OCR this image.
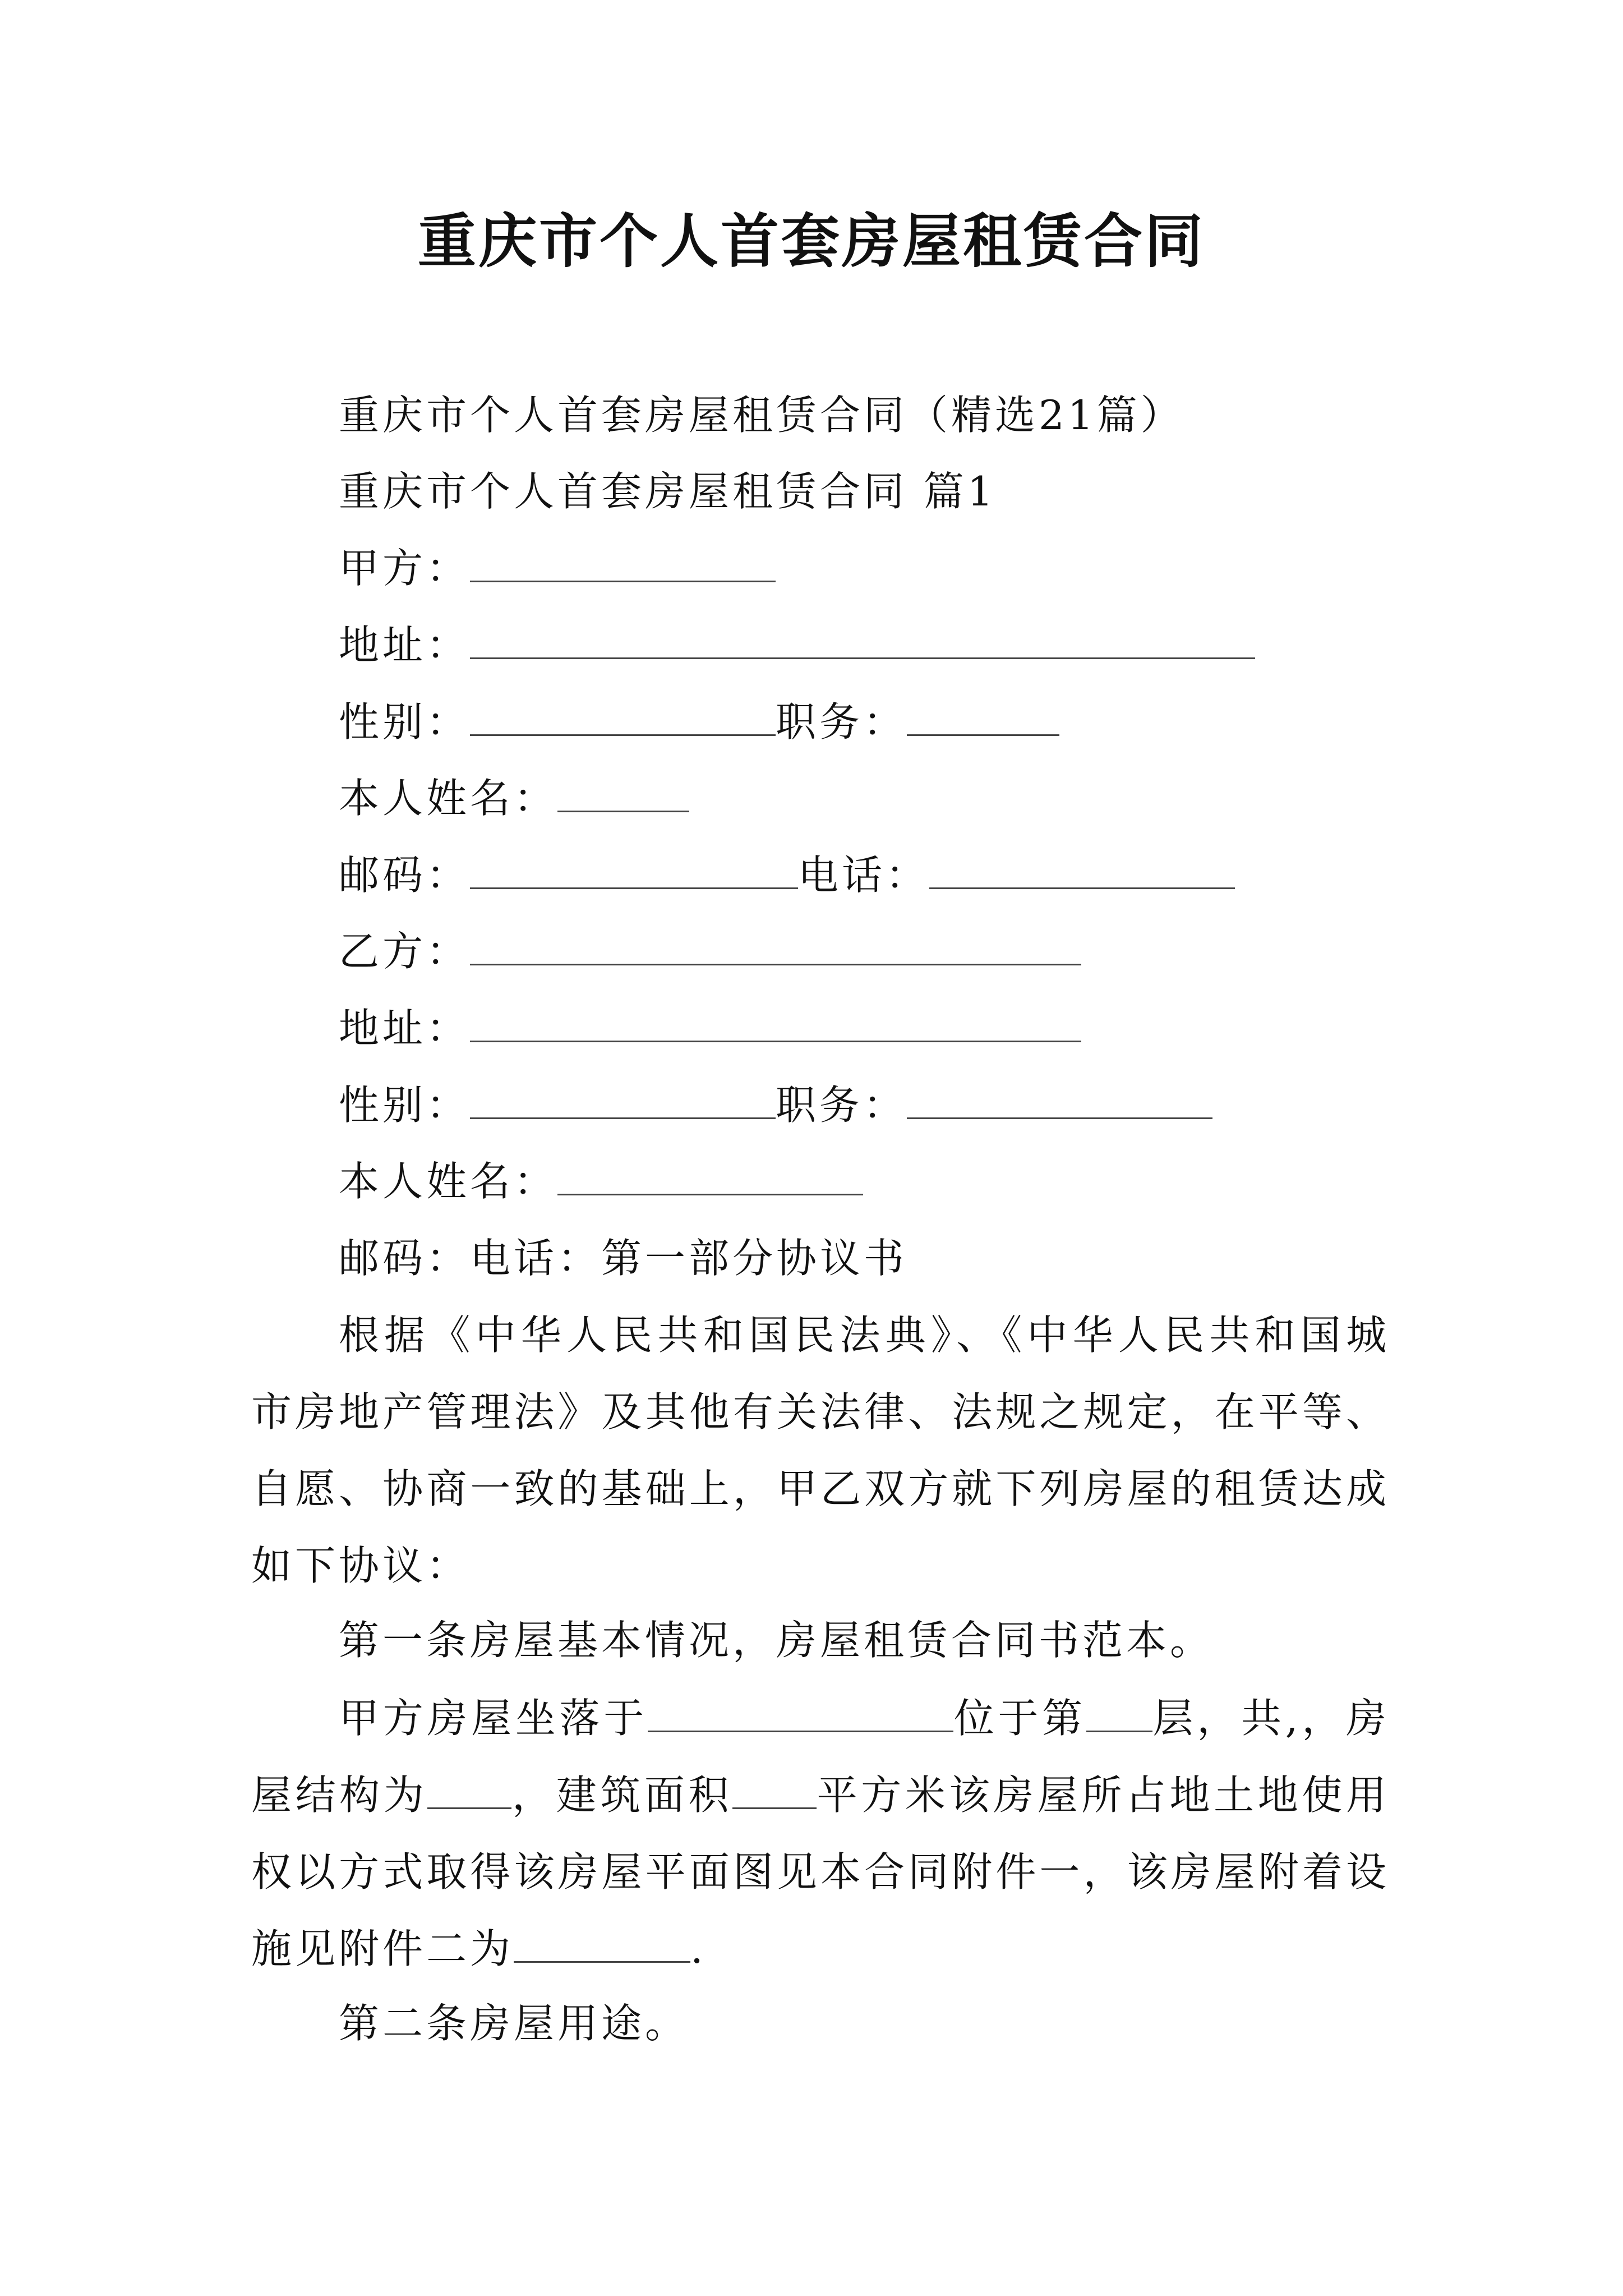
重庆市个人首套房屋租赁合同
重庆市个人首套房屋租赁合同（精选21篇）
重庆市个人首套房屋租赁合同 篇1
甲方：
地址：
性别：	职务：
本人姓名：
邮码：	电话：
乙方：
地址：
性别：	职务：
本人姓名：
邮码：电话：第一部分协议书

根据《中华人民共和国民法典》、《中华人民共和国城市房地产管理法》及其他有关法律、法规之规定，在平等、自愿、协商一致的基础上，甲乙双方就下列房屋的租赁达成如下协议：

第一条房屋基本情况，房屋租赁合同书范本。

甲方房屋坐落于	位于第 层，共,，房屋结构为 ，建筑面积 平方米该房屋所占地土地使用权以方式取得该房屋平面图见本合同附件一，该房屋附着设施见附件二为	.

第二条房屋用途。
